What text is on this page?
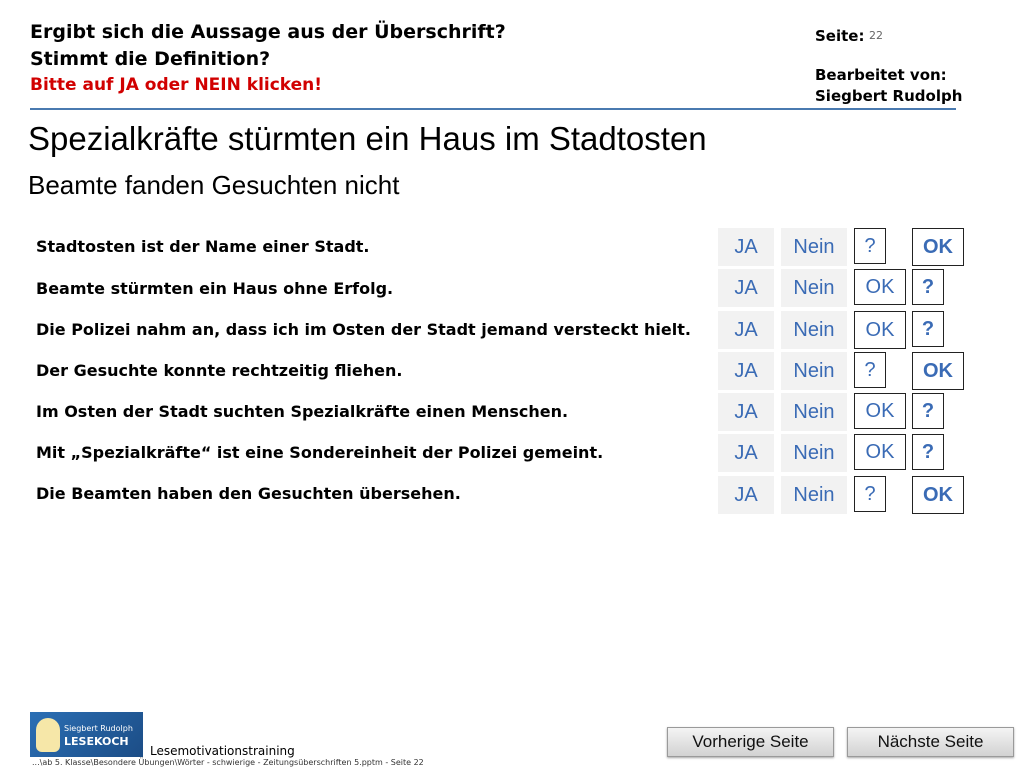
Ergibt sich die Aussage aus der Überschrift?
Stimmt die Definition?
Bitte auf JA oder NEIN klicken!
Seite: 22
Bearbeitet von:
Siegbert Rudolph
Spezialkräfte stürmten ein Haus im Stadtosten
Beamte fanden Gesuchten nicht
Stadtosten ist der Name einer Stadt.	JA	Nein	?	OK
Beamte stürmten ein Haus ohne Erfolg.	JA	Nein	OK	?
Die Polizei nahm an, dass ich im Osten der Stadt jemand versteckt hielt.	JA	Nein	OK	?
Der Gesuchte konnte rechtzeitig fliehen.	JA	Nein	?	OK
Im Osten der Stadt suchten Spezialkräfte einen Menschen.	JA	Nein	OK	?
Mit „Spezialkräfte“ ist eine Sondereinheit der Polizei gemeint.	JA	Nein	OK	?
Die Beamten haben den Gesuchten übersehen.	JA	Nein	?	OK
Siegbert Rudolph
LESEKOCH
Lesemotivationstraining
...\ab 5. Klasse\Besondere Übungen\Wörter - schwierige - Zeitungsüberschriften 5.pptm - Seite 22
Vorherige Seite	Nächste Seite
